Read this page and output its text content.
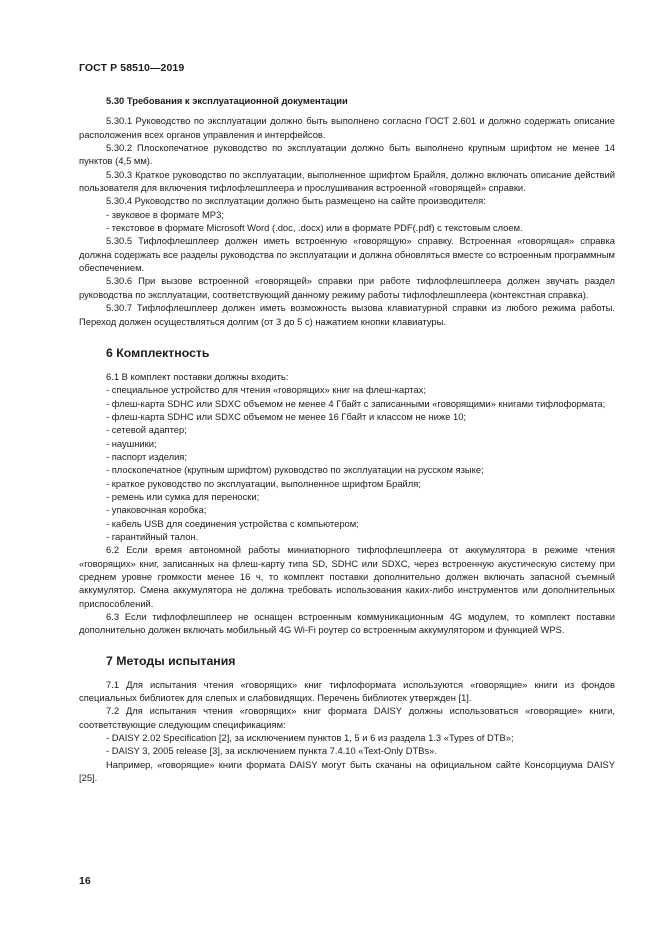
ГОСТ Р 58510—2019

5.30 Требования к эксплуатационной документации

5.30.1 Руководство по эксплуатации должно быть выполнено согласно ГОСТ 2.601 и должно содержать описание расположения всех органов управления и интерфейсов.

5.30.2 Плоскопечатное руководство по эксплуатации должно быть выполнено крупным шрифтом не менее 14 пунктов (4,5 мм).

5.30.3 Краткое руководство по эксплуатации, выполненное шрифтом Брайля, должно включать описание действий пользователя для включения тифлофлешплеера и прослушивания встроенной «говорящей» справки.

5.30.4 Руководство по эксплуатации должно быть размещено на сайте производителя:

- звуковое в формате МР3;

- текстовое в формате Microsoft Word (.doc, .docx) или в формате PDF(.pdf) с текстовым слоем.

5.30.5 Тифлофлешплеер должен иметь встроенную «говорящую» справку. Встроенная «говорящая» справка должна содержать все разделы руководства по эксплуатации и должна обновляться вместе со встроенным программным обеспечением.

5.30.6 При вызове встроенной «говорящей» справки при работе тифлофлешплеера должен звучать раздел руководства по эксплуатации, соответствующий данному режиму работы тифлофлешплеера (контекстная справка).

5.30.7 Тифлофлешплеер должен иметь возможность вызова клавиатурной справки из любого режима работы. Переход должен осуществляться долгим (от 3 до 5 с) нажатием кнопки клавиатуры.

6 Комплектность

6.1 В комплект поставки должны входить:

- специальное устройство для чтения «говорящих» книг на флеш-картах;

- флеш-карта SDHC или SDXC объемом не менее 4 Гбайт с записанными «говорящими» книгами тифлоформата;

- флеш-карта SDHC или SDXC объемом не менее 16 Гбайт и классом не ниже 10;

- сетевой адаптер;

- наушники;

- паспорт изделия;

- плоскопечатное (крупным шрифтом) руководство по эксплуатации на русском языке;

- краткое руководство по эксплуатации, выполненное шрифтом Брайля;

- ремень или сумка для переноски;

- упаковочная коробка;

- кабель USB для соединения устройства с компьютером;

- гарантийный талон.

6.2 Если время автономной работы миниатюрного тифлофлешплеера от аккумулятора в режиме чтения «говорящих» книг, записанных на флеш-карту типа SD, SDHC или SDXC, через встроенную акустическую систему при среднем уровне громкости менее 16 ч, то комплект поставки дополнительно должен включать запасной съемный аккумулятор. Смена аккумулятора не должна требовать использования каких-либо инструментов или дополнительных приспособлений.

6.3 Если тифлофлешплеер не оснащен встроенным коммуникационным 4G модулем, то комплект поставки дополнительно должен включать мобильный 4G Wi-Fi роутер со встроенным аккумулятором и функцией WPS.

7 Методы испытания

7.1 Для испытания чтения «говорящих» книг тифлоформата используются «говорящие» книги из фондов специальных библиотек для слепых и слабовидящих. Перечень библиотек утвержден [1].

7.2 Для испытания чтения «говорящих» книг формата DAISY должны использоваться «говорящие» книги, соответствующие следующим спецификациям:

- DAISY 2.02 Specification [2], за исключением пунктов 1, 5 и 6 из раздела 1.3 «Types of DTB»;

- DAISY 3, 2005 release [3], за исключением пункта 7.4.10 «Text-Only DTBs».

Например, «говорящие» книги формата DAISY могут быть скачаны на официальном сайте Консорциума DAISY [25].

16
